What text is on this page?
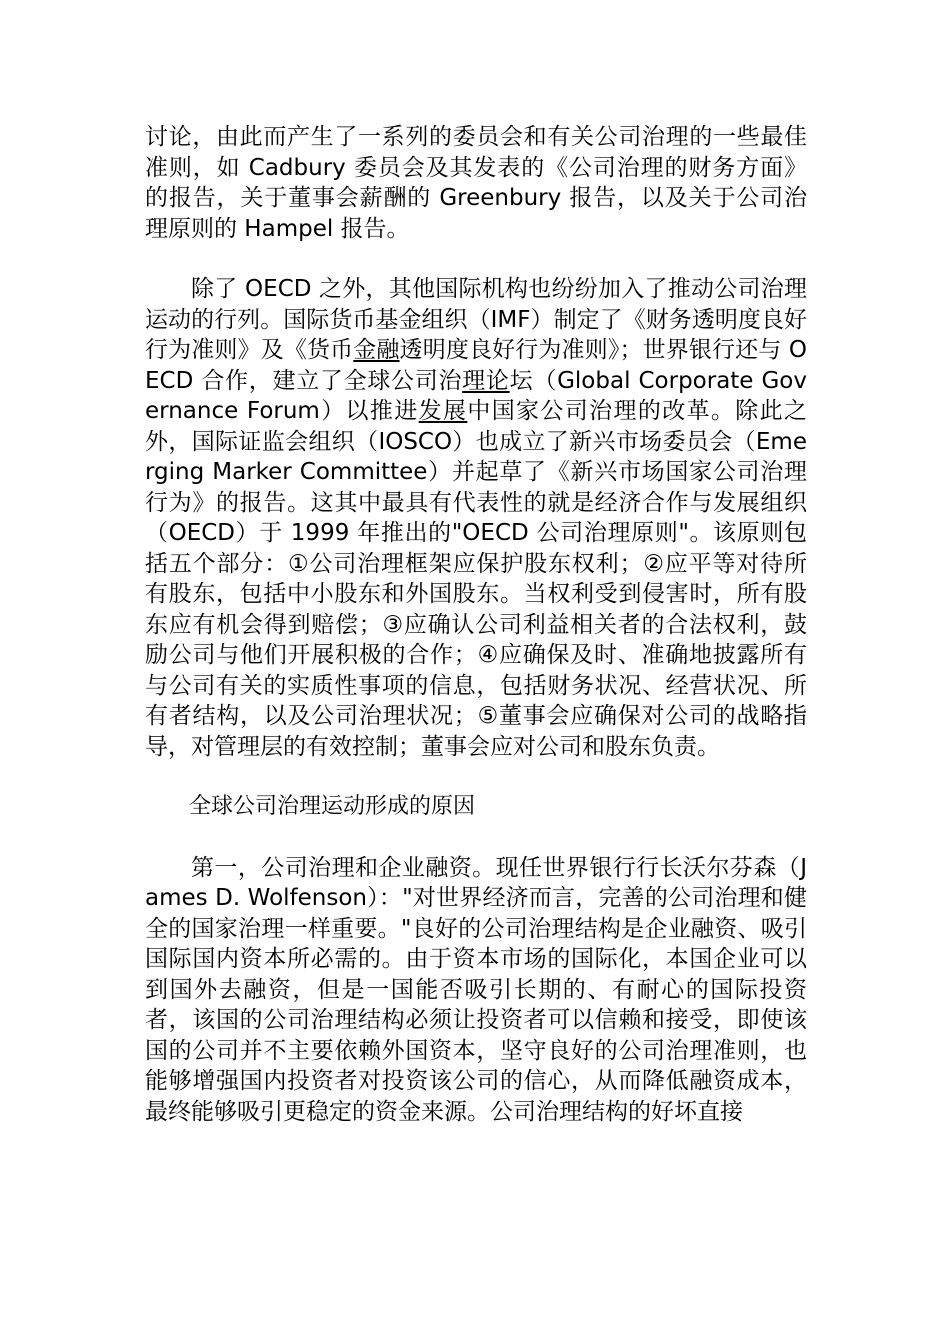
讨论，由此而产生了一系列的委员会和有关公司治理的一些最佳准则，如 Cadbury 委员会及其发表的《公司治理的财务方面》的报告，关于董事会薪酬的 Greenbury 报告，以及关于公司治理原则的 Hampel 报告。

除了 OECD 之外，其他国际机构也纷纷加入了推动公司治理运动的行列。国际货币基金组织（IMF）制定了《财务透明度良好行为准则》及《货币金融透明度良好行为准则》；世界银行还与 OECD 合作，建立了全球公司治理论坛（Global Corporate Governance Forum）以推进发展中国家公司治理的改革。除此之外，国际证监会组织（IOSCO）也成立了新兴市场委员会（Emerging Marker Committee）并起草了《新兴市场国家公司治理行为》的报告。这其中最具有代表性的就是经济合作与发展组织（OECD）于 1999 年推出的"OECD 公司治理原则"。该原则包括五个部分：①公司治理框架应保护股东权利；②应平等对待所有股东，包括中小股东和外国股东。当权利受到侵害时，所有股东应有机会得到赔偿；③应确认公司利益相关者的合法权利，鼓励公司与他们开展积极的合作；④应确保及时、准确地披露所有与公司有关的实质性事项的信息，包括财务状况、经营状况、所有者结构，以及公司治理状况；⑤董事会应确保对公司的战略指导，对管理层的有效控制；董事会应对公司和股东负责。

全球公司治理运动形成的原因

第一，公司治理和企业融资。现任世界银行行长沃尔芬森（James D. Wolfenson）："对世界经济而言，完善的公司治理和健全的国家治理一样重要。"良好的公司治理结构是企业融资、吸引国际国内资本所必需的。由于资本市场的国际化，本国企业可以到国外去融资，但是一国能否吸引长期的、有耐心的国际投资者，该国的公司治理结构必须让投资者可以信赖和接受，即使该国的公司并不主要依赖外国资本，坚守良好的公司治理准则，也能够增强国内投资者对投资该公司的信心，从而降低融资成本，最终能够吸引更稳定的资金来源。公司治理结构的好坏直接
